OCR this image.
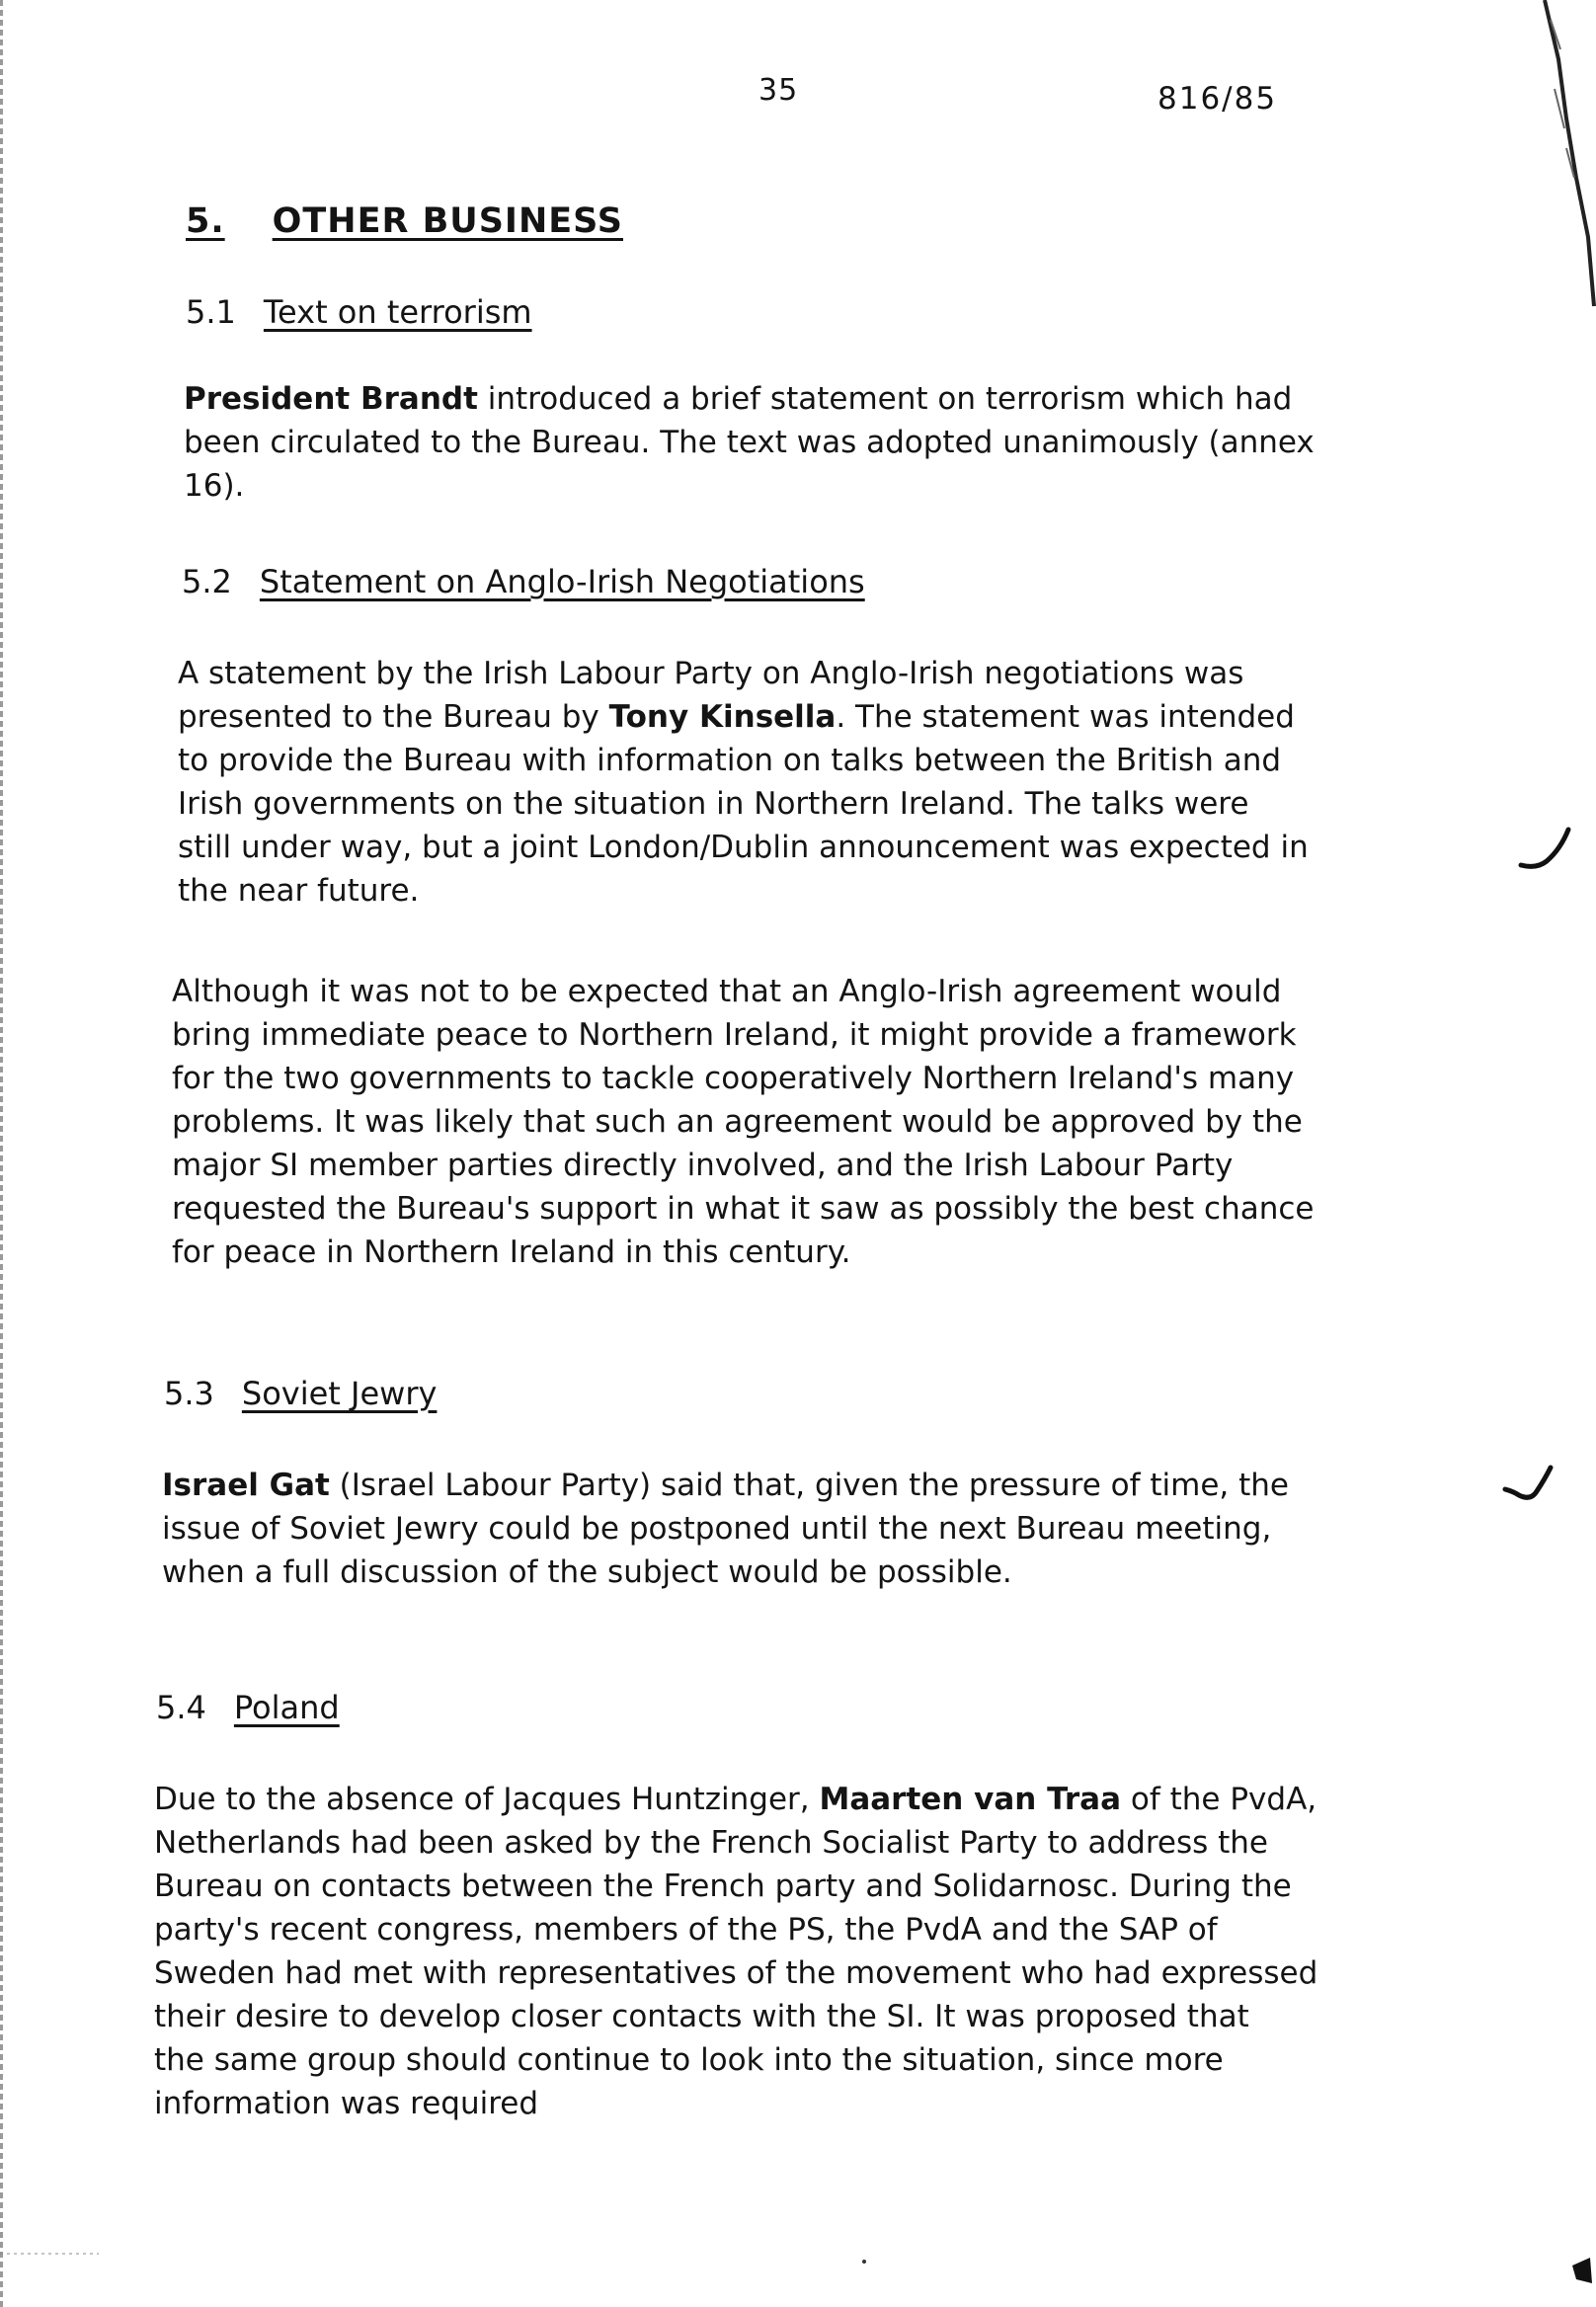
35	816/85
5. OTHER BUSINESS
5.1 Text on terrorism

President Brandt introduced a brief statement on terrorism which had
been circulated to the Bureau. The text was adopted unanimously (annex
16).

5.2 Statement on Anglo-Irish Negotiations

A statement by the Irish Labour Party on Anglo-Irish negotiations was
presented to the Bureau by Tony Kinsella. The statement was intended
to provide the Bureau with information on talks between the British and
Irish governments on the situation in Northern Ireland. The talks were
still under way, but a joint London/Dublin announcement was expected in
the near future.

Although it was not to be expected that an Anglo-Irish agreement would
bring immediate peace to Northern Ireland, it might provide a framework
for the two governments to tackle cooperatively Northern Ireland's many
problems. It was likely that such an agreement would be approved by the
major SI member parties directly involved, and the Irish Labour Party
requested the Bureau's support in what it saw as possibly the best chance
for peace in Northern Ireland in this century.

5.3 Soviet Jewry

Israel Gat (Israel Labour Party) said that, given the pressure of time, the
issue of Soviet Jewry could be postponed until the next Bureau meeting,
when a full discussion of the subject would be possible.

5.4 Poland

Due to the absence of Jacques Huntzinger, Maarten van Traa of the PvdA,
Netherlands had been asked by the French Socialist Party to address the
Bureau on contacts between the French party and Solidarnosc. During the
party's recent congress, members of the PS, the PvdA and the SAP of
Sweden had met with representatives of the movement who had expressed
their desire to develop closer contacts with the SI. It was proposed that
the same group should continue to look into the situation, since more
information was required
